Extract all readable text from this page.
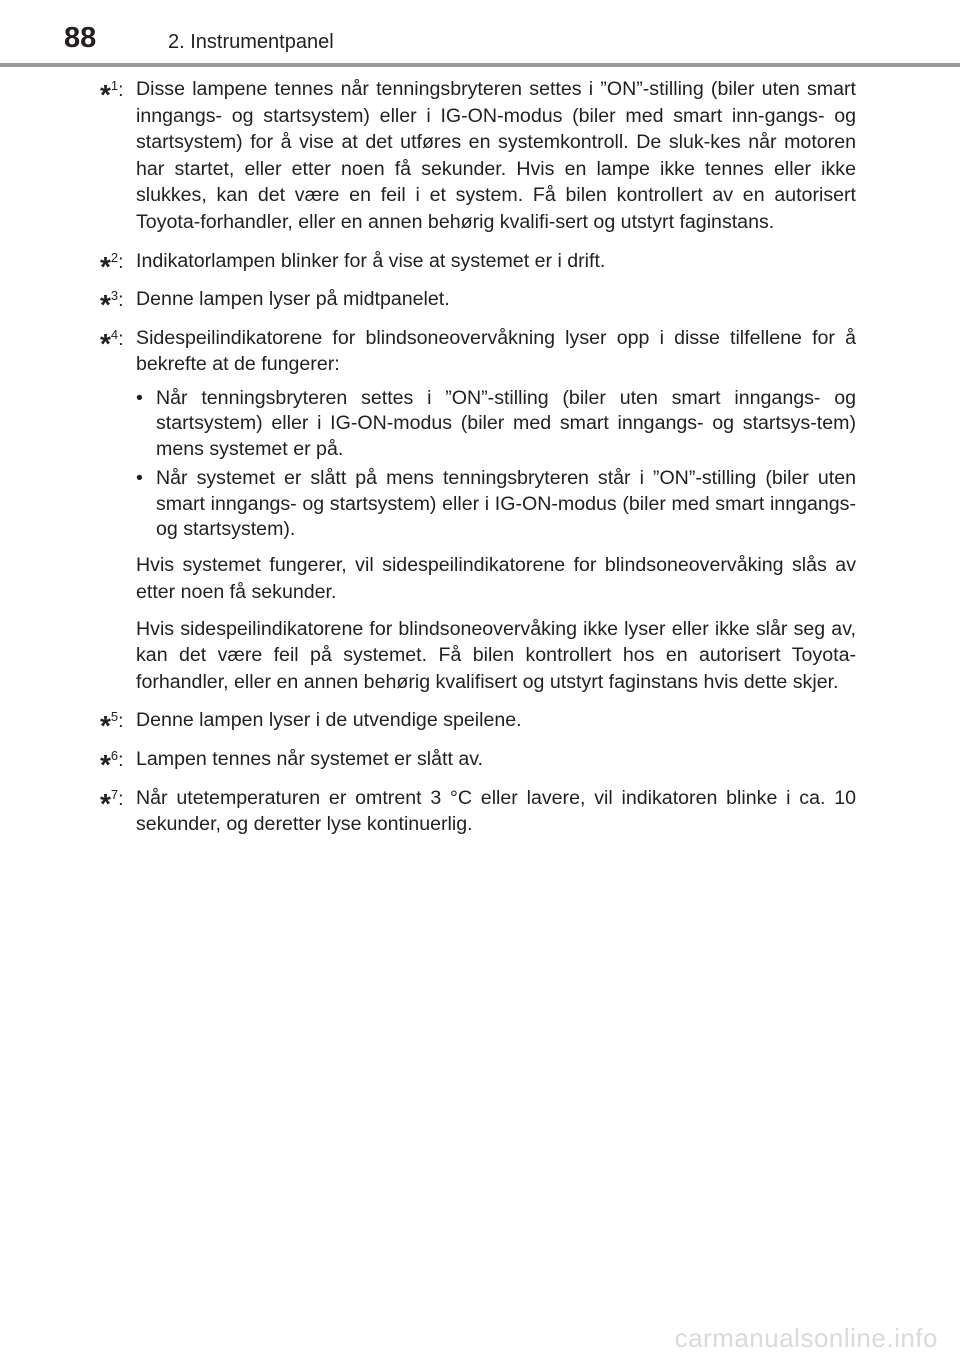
88	2. Instrumentpanel
*$^1$: Disse lampene tennes når tenningsbryteren settes i ”ON”-stilling (biler uten smart inngangs- og startsystem) eller i IG-ON-modus (biler med smart inn-gangs- og startsystem) for å vise at det utføres en systemkontroll. De sluk-kes når motoren har startet, eller etter noen få sekunder. Hvis en lampe ikke tennes eller ikke slukkes, kan det være en feil i et system. Få bilen kontrollert av en autorisert Toyota-forhandler, eller en annen behørig kvalifi-sert og utstyrt faginstans.
*$^2$: Indikatorlampen blinker for å vise at systemet er i drift.
*$^3$: Denne lampen lyser på midtpanelet.
*$^4$: Sidespeilindikatorene for blindsoneovervåkning lyser opp i disse tilfellene for å bekrefte at de fungerer:
• Når tenningsbryteren settes i ”ON”-stilling (biler uten smart inngangs- og startsystem) eller i IG-ON-modus (biler med smart inngangs- og startsys-tem) mens systemet er på.
• Når systemet er slått på mens tenningsbryteren står i ”ON”-stilling (biler uten smart inngangs- og startsystem) eller i IG-ON-modus (biler med smart inngangs- og startsystem).
Hvis systemet fungerer, vil sidespeilindikatorene for blindsoneovervåking slås av etter noen få sekunder.
Hvis sidespeilindikatorene for blindsoneovervåking ikke lyser eller ikke slår seg av, kan det være feil på systemet. Få bilen kontrollert hos en autorisert Toyota-forhandler, eller en annen behørig kvalifisert og utstyrt faginstans hvis dette skjer.
*$^5$: Denne lampen lyser i de utvendige speilene.
*$^6$: Lampen tennes når systemet er slått av.
*$^7$: Når utetemperaturen er omtrent 3 °C eller lavere, vil indikatoren blinke i ca. 10 sekunder, og deretter lyse kontinuerlig.
carmanualsonline.info
